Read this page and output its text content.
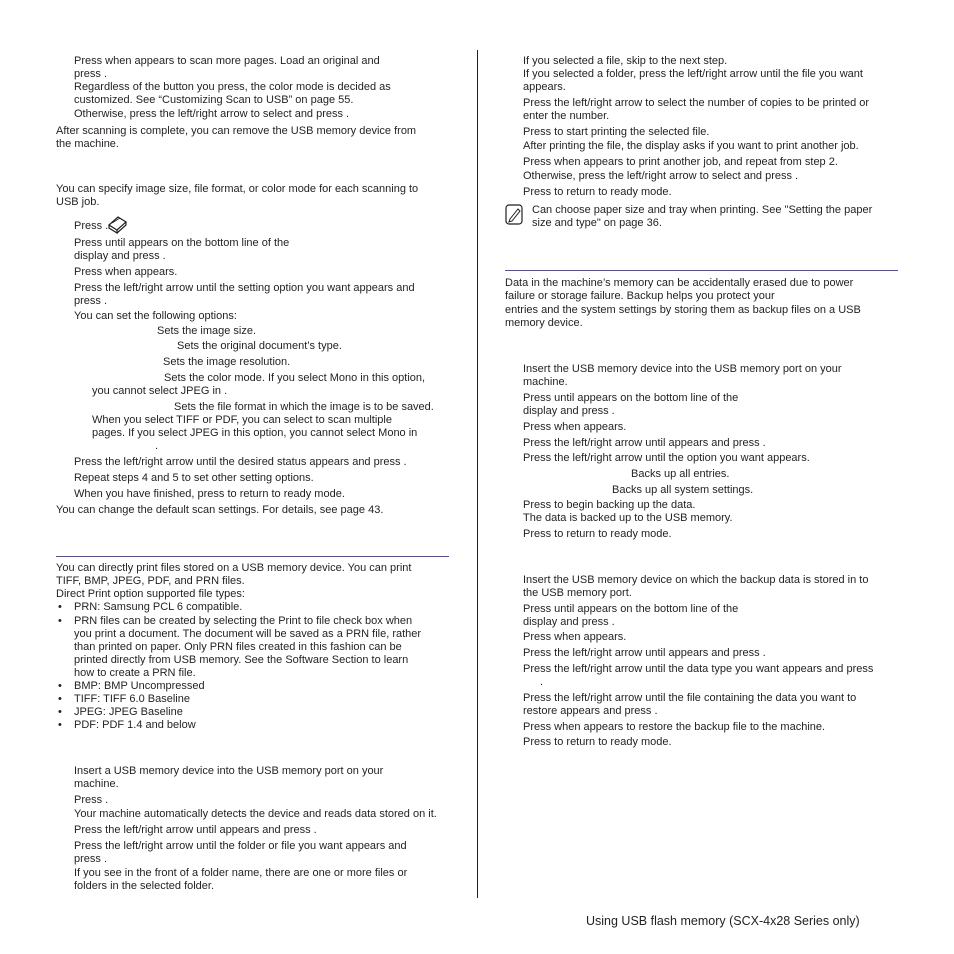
Press when appears to scan more pages. Load an original and
press .
Regardless of the button you press, the color mode is decided as
customized. See “Customizing Scan to USB” on page 55.
Otherwise, press the left/right arrow to select and press .
After scanning is complete, you can remove the USB memory device from
the machine.
You can specify image size, file format, or color mode for each scanning to
USB job.
Press .
Press until appears on the bottom line of the
display and press .
Press when appears.
Press the left/right arrow until the setting option you want appears and
press .
You can set the following options:
Sets the image size.
Sets the original document’s type.
Sets the image resolution.
Sets the color mode. If you select Mono in this option,
you cannot select JPEG in .
Sets the file format in which the image is to be saved.
When you select TIFF or PDF, you can select to scan multiple
pages. If you select JPEG in this option, you cannot select Mono in
.
Press the left/right arrow until the desired status appears and press .
Repeat steps 4 and 5 to set other setting options.
When you have finished, press to return to ready mode.
You can change the default scan settings. For details, see page 43.
You can directly print files stored on a USB memory device. You can print
TIFF, BMP, JPEG, PDF, and PRN files.
Direct Print option supported file types:
• PRN: Samsung PCL 6 compatible.
• PRN files can be created by selecting the Print to file check box when
you print a document. The document will be saved as a PRN file, rather
than printed on paper. Only PRN files created in this fashion can be
printed directly from USB memory. See the Software Section to learn
how to create a PRN file.
• BMP: BMP Uncompressed
• TIFF: TIFF 6.0 Baseline
• JPEG: JPEG Baseline
• PDF: PDF 1.4 and below
Insert a USB memory device into the USB memory port on your
machine.
Press .
Your machine automatically detects the device and reads data stored on it.
Press the left/right arrow until appears and press .
Press the left/right arrow until the folder or file you want appears and
press .
If you see in the front of a folder name, there are one or more files or
folders in the selected folder.
If you selected a file, skip to the next step.
If you selected a folder, press the left/right arrow until the file you want
appears.
Press the left/right arrow to select the number of copies to be printed or
enter the number.
Press to start printing the selected file.
After printing the file, the display asks if you want to print another job.
Press when appears to print another job, and repeat from step 2.
Otherwise, press the left/right arrow to select and press .
Press to return to ready mode.
Can choose paper size and tray when printing. See "Setting the paper
size and type" on page 36.
Data in the machine’s memory can be accidentally erased due to power
failure or storage failure. Backup helps you protect your
entries and the system settings by storing them as backup files on a USB
memory device.
Insert the USB memory device into the USB memory port on your
machine.
Press until appears on the bottom line of the
display and press .
Press when appears.
Press the left/right arrow until appears and press .
Press the left/right arrow until the option you want appears.
Backs up all entries.
Backs up all system settings.
Press to begin backing up the data.
The data is backed up to the USB memory.
Press to return to ready mode.
Insert the USB memory device on which the backup data is stored in to
the USB memory port.
Press until appears on the bottom line of the
display and press .
Press when appears.
Press the left/right arrow until appears and press .
Press the left/right arrow until the data type you want appears and press
.
Press the left/right arrow until the file containing the data you want to
restore appears and press .
Press when appears to restore the backup file to the machine.
Press to return to ready mode.
Using USB flash memory (SCX-4x28 Series only)
